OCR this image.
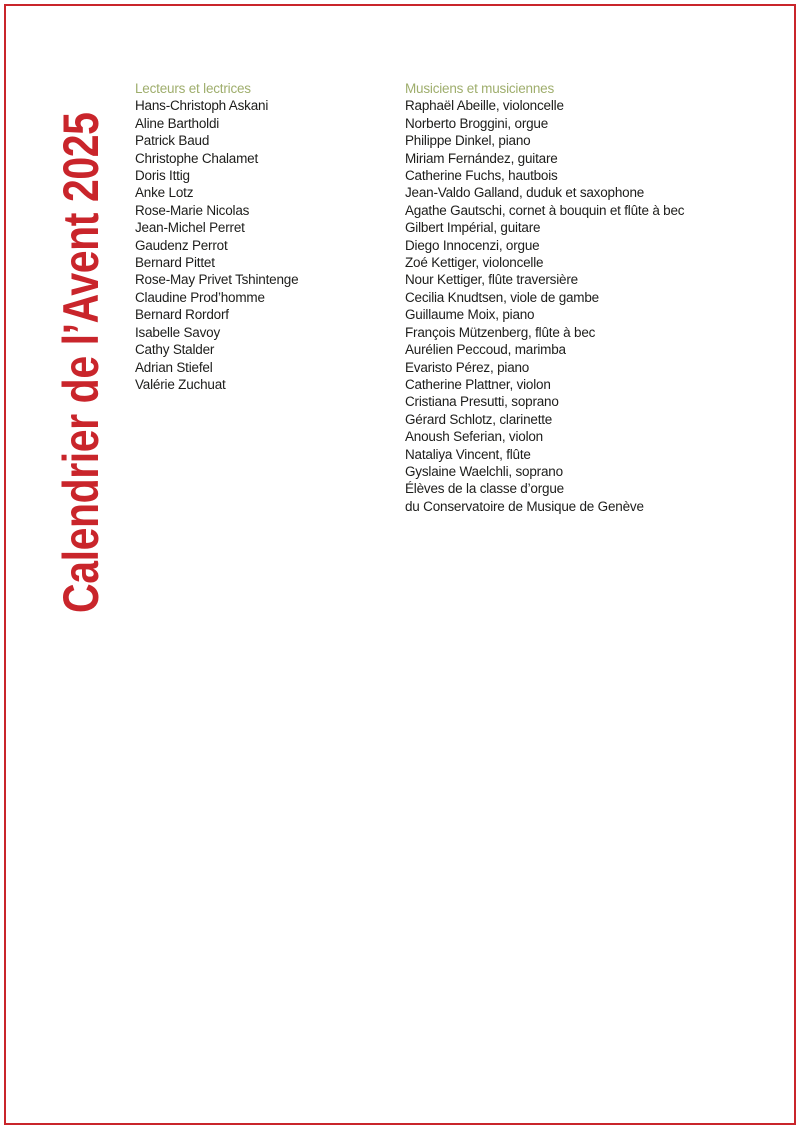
Calendrier de l’Avent 2025
Lecteurs et lectrices
Hans-Christoph Askani
Aline Bartholdi
Patrick Baud
Christophe Chalamet
Doris Ittig
Anke Lotz
Rose-Marie Nicolas
Jean-Michel Perret
Gaudenz Perrot
Bernard Pittet
Rose-May Privet Tshintenge
Claudine Prod’homme
Bernard Rordorf
Isabelle Savoy
Cathy Stalder
Adrian Stiefel
Valérie Zuchuat
Musiciens et musiciennes
Raphaël Abeille, violoncelle
Norberto Broggini, orgue
Philippe Dinkel, piano
Miriam Fernández, guitare
Catherine Fuchs, hautbois
Jean-Valdo Galland, duduk et saxophone
Agathe Gautschi, cornet à bouquin et flûte à bec
Gilbert Impérial, guitare
Diego Innocenzi, orgue
Zoé Kettiger, violoncelle
Nour Kettiger, flûte traversière
Cecilia Knudtsen, viole de gambe
Guillaume Moix, piano
François Mützenberg, flûte à bec
Aurélien Peccoud, marimba
Evaristo Pérez, piano
Catherine Plattner, violon
Cristiana Presutti, soprano
Gérard Schlotz, clarinette
Anoush Seferian, violon
Nataliya Vincent, flûte
Gyslaine Waelchli, soprano
Élèves de la classe d’orgue
du Conservatoire de Musique de Genève
